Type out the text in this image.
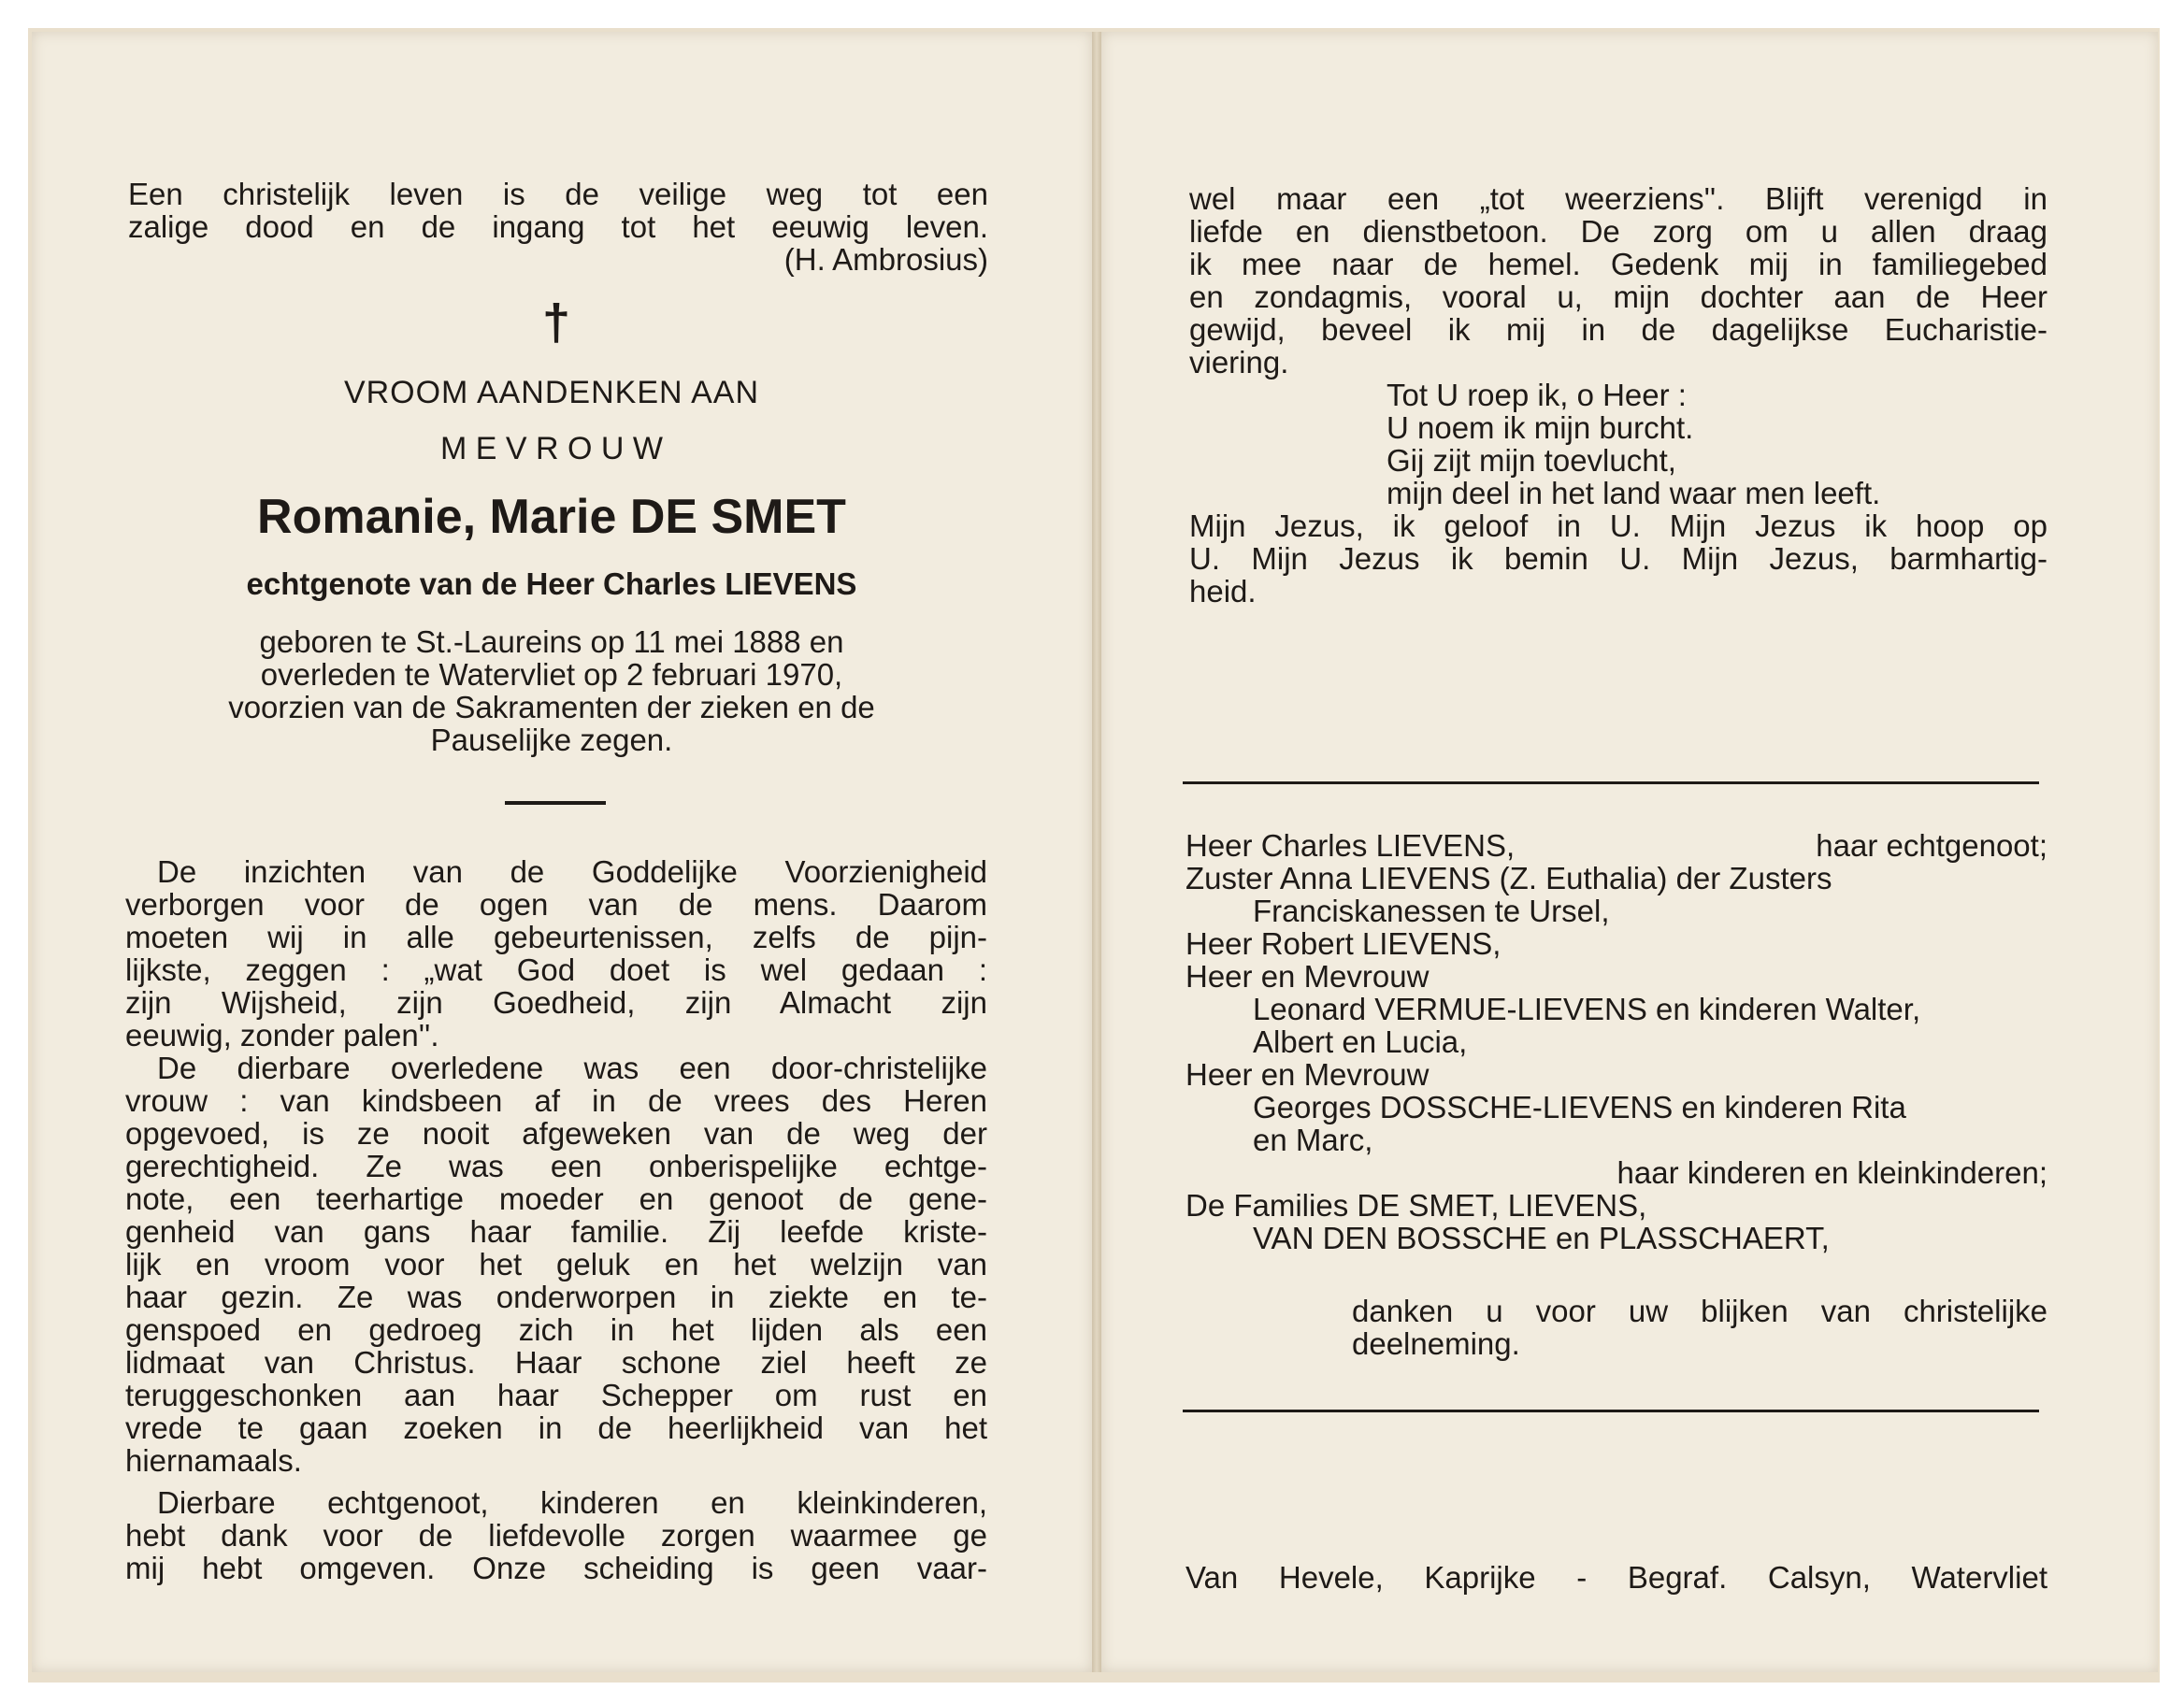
Een christelijk leven is de veilige weg tot een
zalige dood en de ingang tot het eeuwig leven.
(H. Ambrosius)
†
VROOM AANDENKEN AAN
M E V R O U W
Romanie, Marie DE SMET
echtgenote van de Heer Charles LIEVENS
geboren te St.-Laureins op 11 mei 1888 en
overleden te Watervliet op 2 februari 1970,
voorzien van de Sakramenten der zieken en de
Pauselijke zegen.
De inzichten van de Goddelijke Voorzienigheid
verborgen voor de ogen van de mens. Daarom
moeten wij in alle gebeurtenissen, zelfs de pijn-
lijkste, zeggen : „wat God doet is wel gedaan :
zijn Wijsheid, zijn Goedheid, zijn Almacht zijn
eeuwig, zonder palen''.
De dierbare overledene was een door-christelijke
vrouw : van kindsbeen af in de vrees des Heren
opgevoed, is ze nooit afgeweken van de weg der
gerechtigheid. Ze was een onberispelijke echtge-
note, een teerhartige moeder en genoot de gene-
genheid van gans haar familie. Zij leefde kriste-
lijk en vroom voor het geluk en het welzijn van
haar gezin. Ze was onderworpen in ziekte en te-
genspoed en gedroeg zich in het lijden als een
lidmaat van Christus. Haar schone ziel heeft ze
teruggeschonken aan haar Schepper om rust en
vrede te gaan zoeken in de heerlijkheid van het
hiernamaals.
Dierbare echtgenoot, kinderen en kleinkinderen,
hebt dank voor de liefdevolle zorgen waarmee ge
mij hebt omgeven. Onze scheiding is geen vaar-
wel maar een „tot weerziens''. Blijft verenigd in
liefde en dienstbetoon. De zorg om u allen draag
ik mee naar de hemel. Gedenk mij in familiegebed
en zondagmis, vooral u, mijn dochter aan de Heer
gewijd, beveel ik mij in de dagelijkse Eucharistie-
viering.
Tot U roep ik, o Heer :
U noem ik mijn burcht.
Gij zijt mijn toevlucht,
mijn deel in het land waar men leeft.
Mijn Jezus, ik geloof in U. Mijn Jezus ik hoop op
U. Mijn Jezus ik bemin U. Mijn Jezus, barmhartig-
heid.
Heer Charles LIEVENS,	haar echtgenoot;
Zuster Anna LIEVENS (Z. Euthalia) der Zusters
Franciskanessen te Ursel,
Heer Robert LIEVENS,
Heer en Mevrouw
Leonard VERMUE-LIEVENS en kinderen Walter,
Albert en Lucia,
Heer en Mevrouw
Georges DOSSCHE-LIEVENS en kinderen Rita
en Marc,
haar kinderen en kleinkinderen;
De Families DE SMET, LIEVENS,
VAN DEN BOSSCHE en PLASSCHAERT,
danken u voor uw blijken van christelijke
deelneming.
Van Hevele, Kaprijke - Begraf. Calsyn, Watervliet
